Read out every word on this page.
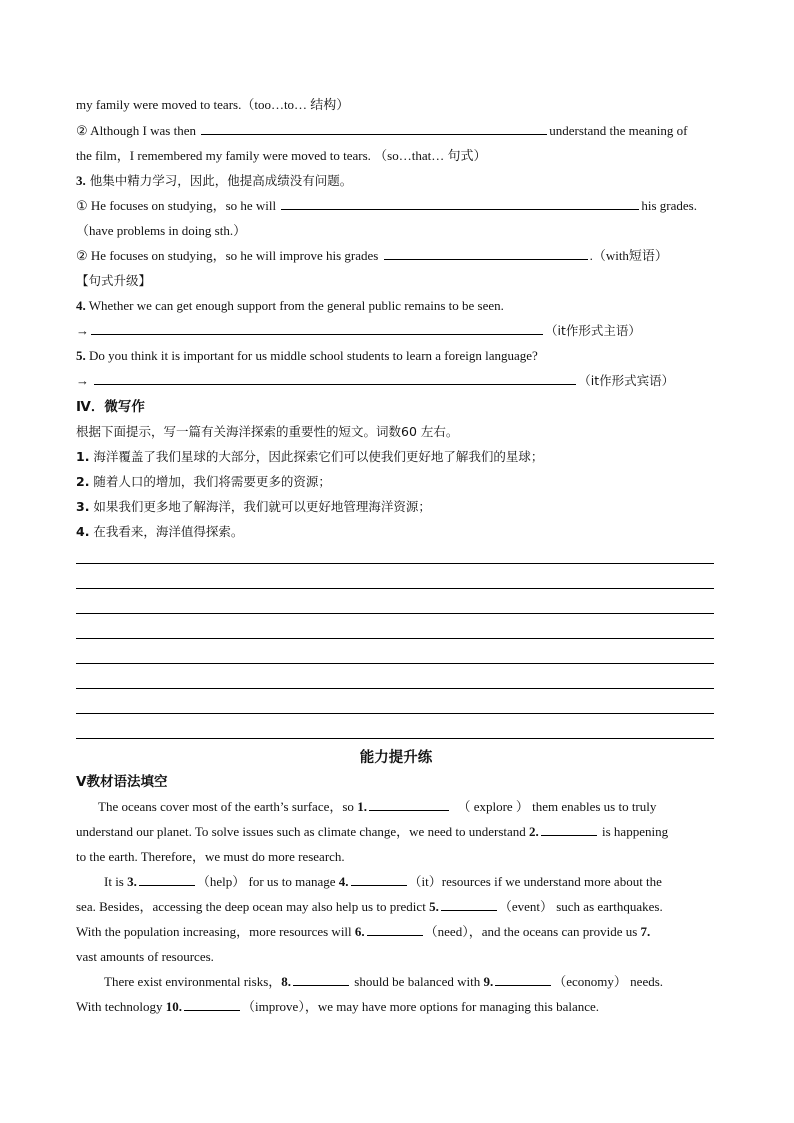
my family were moved to tears.（too…to… 结构）
② Although I was then	understand the meaning of
the film，I remembered my family were moved to tears. （so…that… 句式）
3. 他集中精力学习，因此，他提高成绩没有问题。
① He focuses on studying，so he will	his grades.
（have problems in doing sth.）
② He focuses on studying，so he will improve his grades	.（with短语）
【句式升级】
4. Whether we can get enough support from the general public remains to be seen.
→	（it作形式主语）
5. Do you think it is important for us middle school students to learn a foreign language?
→	（it作形式宾语）
Ⅳ．微写作
根据下面提示，写一篇有关海洋探索的重要性的短文。词数60 左右。
1. 海洋覆盖了我们星球的大部分，因此探索它们可以使我们更好地了解我们的星球；
2. 随着人口的增加，我们将需要更多的资源；
3. 如果我们更多地了解海洋，我们就可以更好地管理海洋资源；
4. 在我看来，海洋值得探索。
能力提升练
V教材语法填空
The oceans cover most of the earth’s surface，so 1.	（ explore ） them enables us to truly
understand our planet. To solve issues such as climate change，we need to understand 2.	is happening
to the earth. Therefore，we must do more research.
It is 3.	（help） for us to manage 4.	（it）resources if we understand more about the
sea. Besides，accessing the deep ocean may also help us to predict 5.	（event） such as earthquakes.
With the population increasing，more resources will 6.	（need），and the oceans can provide us 7.
vast amounts of resources.
There exist environmental risks，8.	should be balanced with 9.	（economy） needs.
With technology 10.	（improve），we may have more options for managing this balance.
